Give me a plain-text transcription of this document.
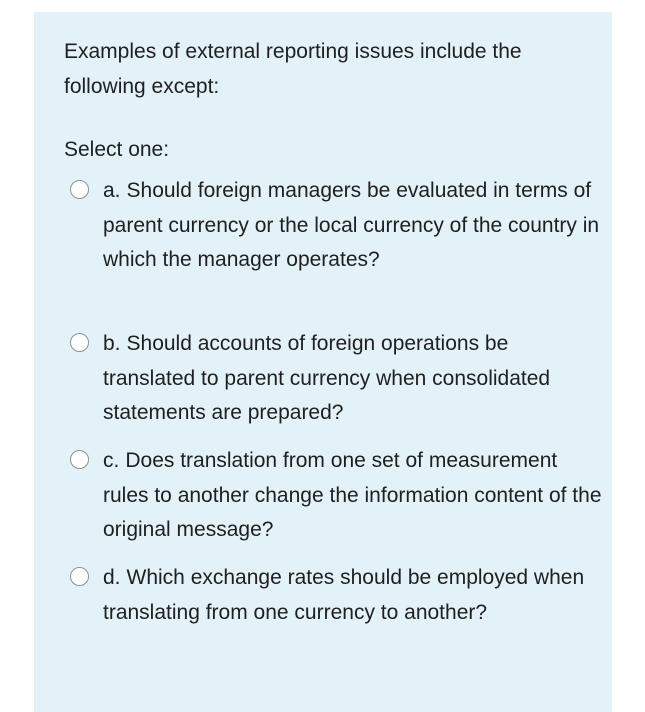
Examples of external reporting issues include the following except:

Select one:
a. Should foreign managers be evaluated in terms of parent currency or the local currency of the country in which the manager operates?
b. Should accounts of foreign operations be translated to parent currency when consolidated statements are prepared?
c. Does translation from one set of measurement rules to another change the information content of the original message?
d. Which exchange rates should be employed when translating from one currency to another?
